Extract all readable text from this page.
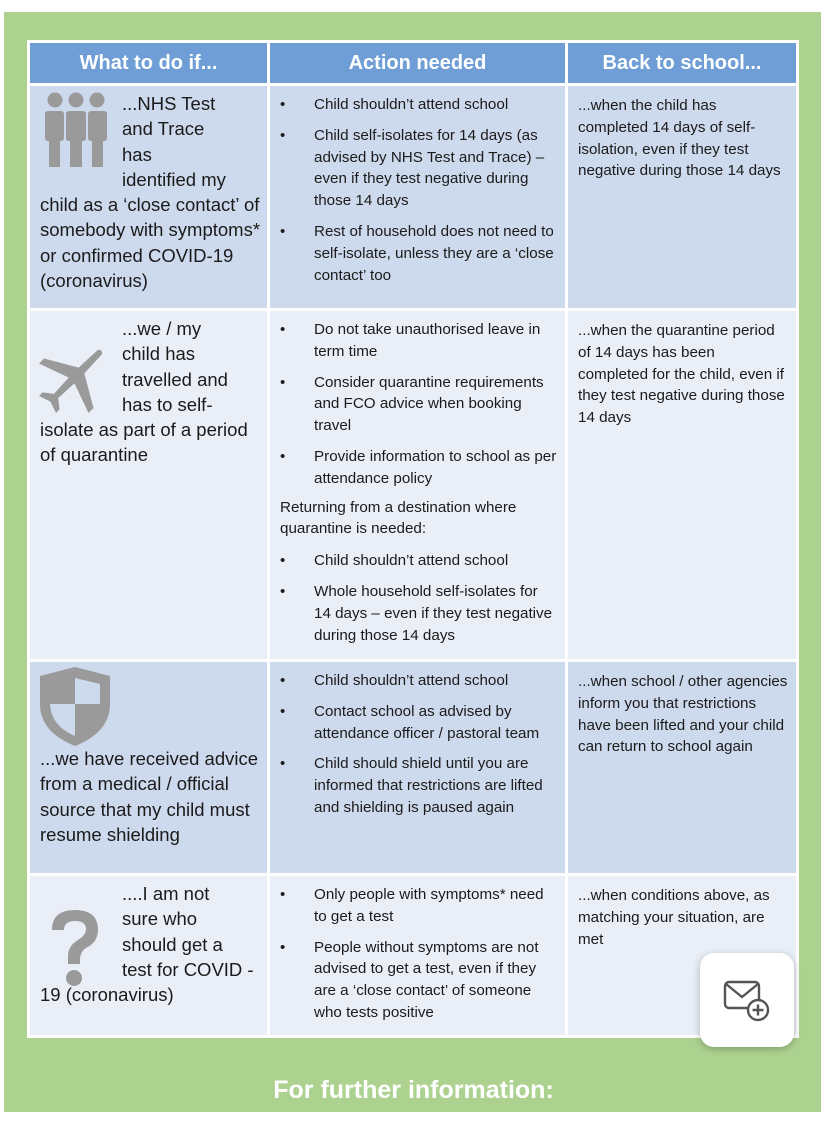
What to do if...	Action needed	Back to school...
...NHS Test
and Trace
has
identified my
child as a ‘close contact’ of somebody with symptoms* or confirmed COVID-19 (coronavirus)
• Child shouldn’t attend school
• Child self-isolates for 14 days (as advised by NHS Test and Trace) – even if they test negative during those 14 days
• Rest of household does not need to self-isolate, unless they are a ‘close contact’ too
...when the child has completed 14 days of self-isolation, even if they test negative during those 14 days
...we / my
child has
travelled and
has to self-
isolate as part of a period of quarantine
• Do not take unauthorised leave in term time
• Consider quarantine requirements and FCO advice when booking travel
• Provide information to school as per attendance policy
Returning from a destination where quarantine is needed:
• Child shouldn’t attend school
• Whole household self-isolates for 14 days – even if they test negative during those 14 days
...when the quarantine period of 14 days has been completed for the child, even if they test negative during those 14 days
...we have received advice from a medical / official source that my child must resume shielding
• Child shouldn’t attend school
• Contact school as advised by attendance officer / pastoral team
• Child should shield until you are informed that restrictions are lifted and shielding is paused again
...when school / other agencies inform you that restrictions have been lifted and your child can return to school again
....I am not
sure who
should get a
test for COVID -
19 (coronavirus)
• Only people with symptoms* need to get a test
• People without symptoms are not advised to get a test, even if they are a ‘close contact’ of someone who tests positive
...when conditions above, as matching your situation, are met
For further information:
